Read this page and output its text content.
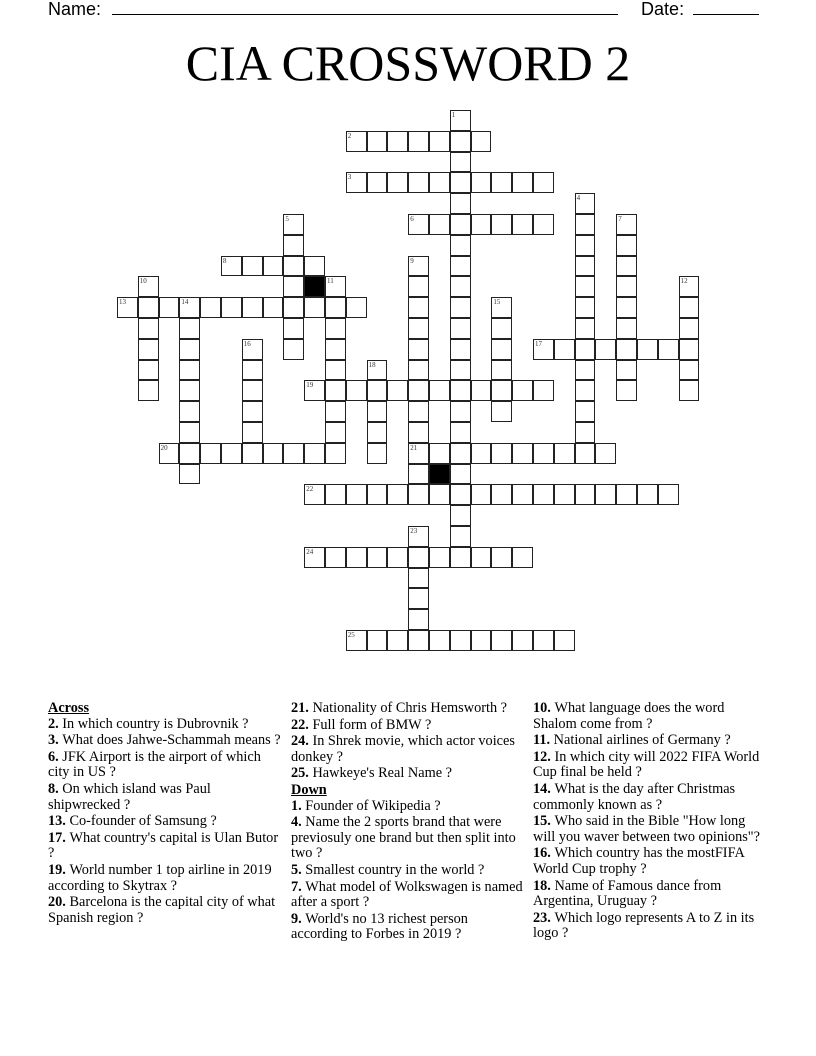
Name:	Date:
CIA CROSSWORD 2
2
3
6
8
13	14
17
19
20	21
22
24
25
1
4
5	7
9
10	11	12
15
16
18
23
Across
2. In which country is Dubrovnik ?
3. What does Jahwe-Schammah means ?
6. JFK Airport is the airport of which city in US ?
8. On which island was Paul shipwrecked ?
13. Co-founder of Samsung ?
17. What country's capital is Ulan Butor ?
19. World number 1 top airline in 2019 according to Skytrax ?
20. Barcelona is the capital city of what Spanish region ?
21. Nationality of Chris Hemsworth ?
22. Full form of BMW ?
24. In Shrek movie, which actor voices donkey ?
25. Hawkeye's Real Name ?
Down
1. Founder of Wikipedia ?
4. Name the 2 sports brand that were previosuly one brand but then split into two ?
5. Smallest country in the world ?
7. What model of Wolkswagen is named after a sport ?
9. World's no 13 richest person according to Forbes in 2019 ?
10. What language does the word Shalom come from ?
11. National airlines of Germany ?
12. In which city will 2022 FIFA World Cup final be held ?
14. What is the day after Christmas commonly known as ?
15. Who said in the Bible "How long will you waver between two opinions"?
16. Which country has the mostFIFA World Cup trophy ?
18. Name of Famous dance from Argentina, Uruguay ?
23. Which logo represents A to Z in its logo ?
